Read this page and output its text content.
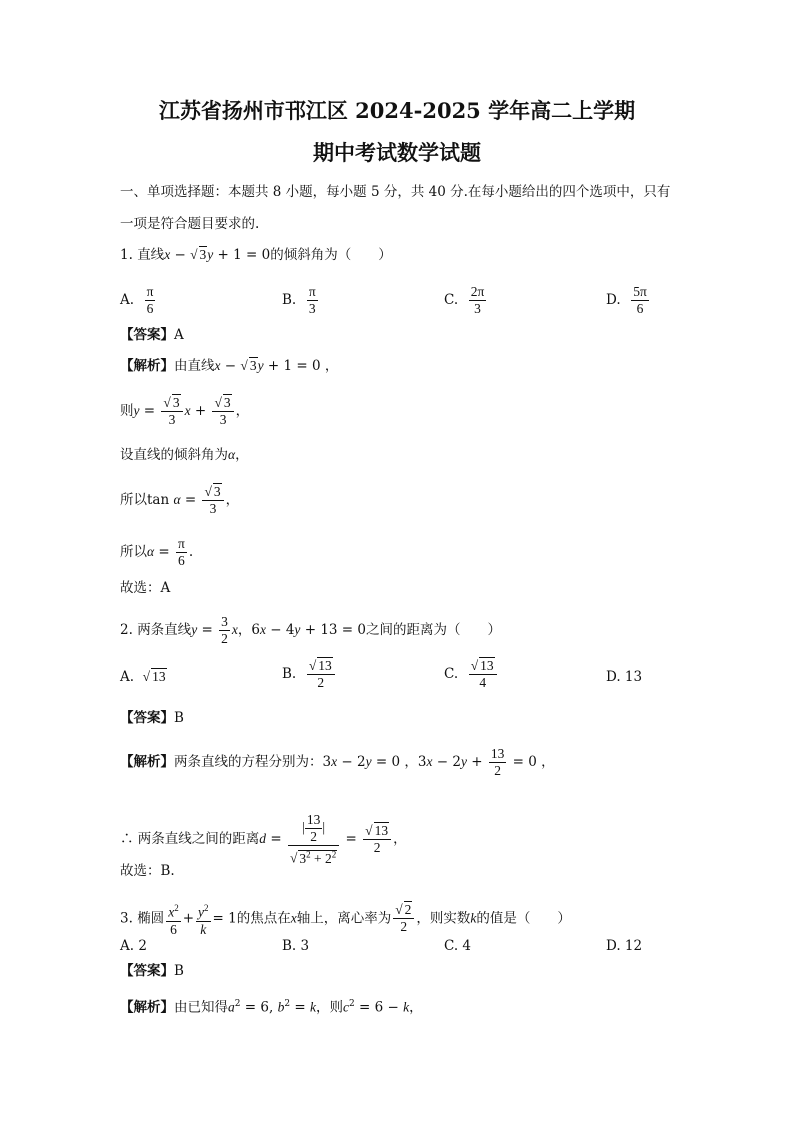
江苏省扬州市邗江区 2024-2025 学年高二上学期
期中考试数学试题
一、单项选择题：本题共 8 小题，每小题 5 分，共 40 分.在每小题给出的四个选项中，只有
一项是符合题目要求的.
1. 直线x − √ 3y + 1 = 0的倾斜角为（　　）
A. $\frac{\pi}{6}$	B. $\frac{\pi}{3}$	C. $\frac{2\pi}{3}$	D. $\frac{5\pi}{6}$
【答案】A
【解析】由直线x − √ 3y + 1 = 0 ，
则$y = \frac{√ 3}{3}$ $x + \frac{√ 3}{3}$ ，
设直线的倾斜角为α，
所以$\tan \alpha = \frac{√ 3}{3}$ ，
所以$\alpha = \frac{\pi}{6}$ .
故选：A
2. 两条直线$y = \frac{3}{2}$ x，6x − 4y + 13 = 0之间的距离为（　　）
A. √ 13	B. $\frac{√ 13}{2}$	C. $\frac{√ 13}{4}$	D. 13
【答案】B
【解析】两条直线的方程分别为：3x − 2y = 0 ，$3x - 2y + \frac{13}{2} = 0$ ，
∴ 两条直线之间的距离$d = \frac{| \frac{13}{2} |}{√ 3^2 + 2^2} = \frac{√ 13}{2}$ ，
故选：B.
3. 椭圆 $\frac{x^2}{6} + \frac{y^2}{k} = 1$的焦点在x轴上，离心率为 $\frac{√ 2}{2}$ ，则实数k的值是（　　）
A. 2	B. 3	C. 4	D. 12
【答案】B
【解析】由已知得$a^2 = 6$, $b^2 = k$，则$c^2 = 6 - k$，
